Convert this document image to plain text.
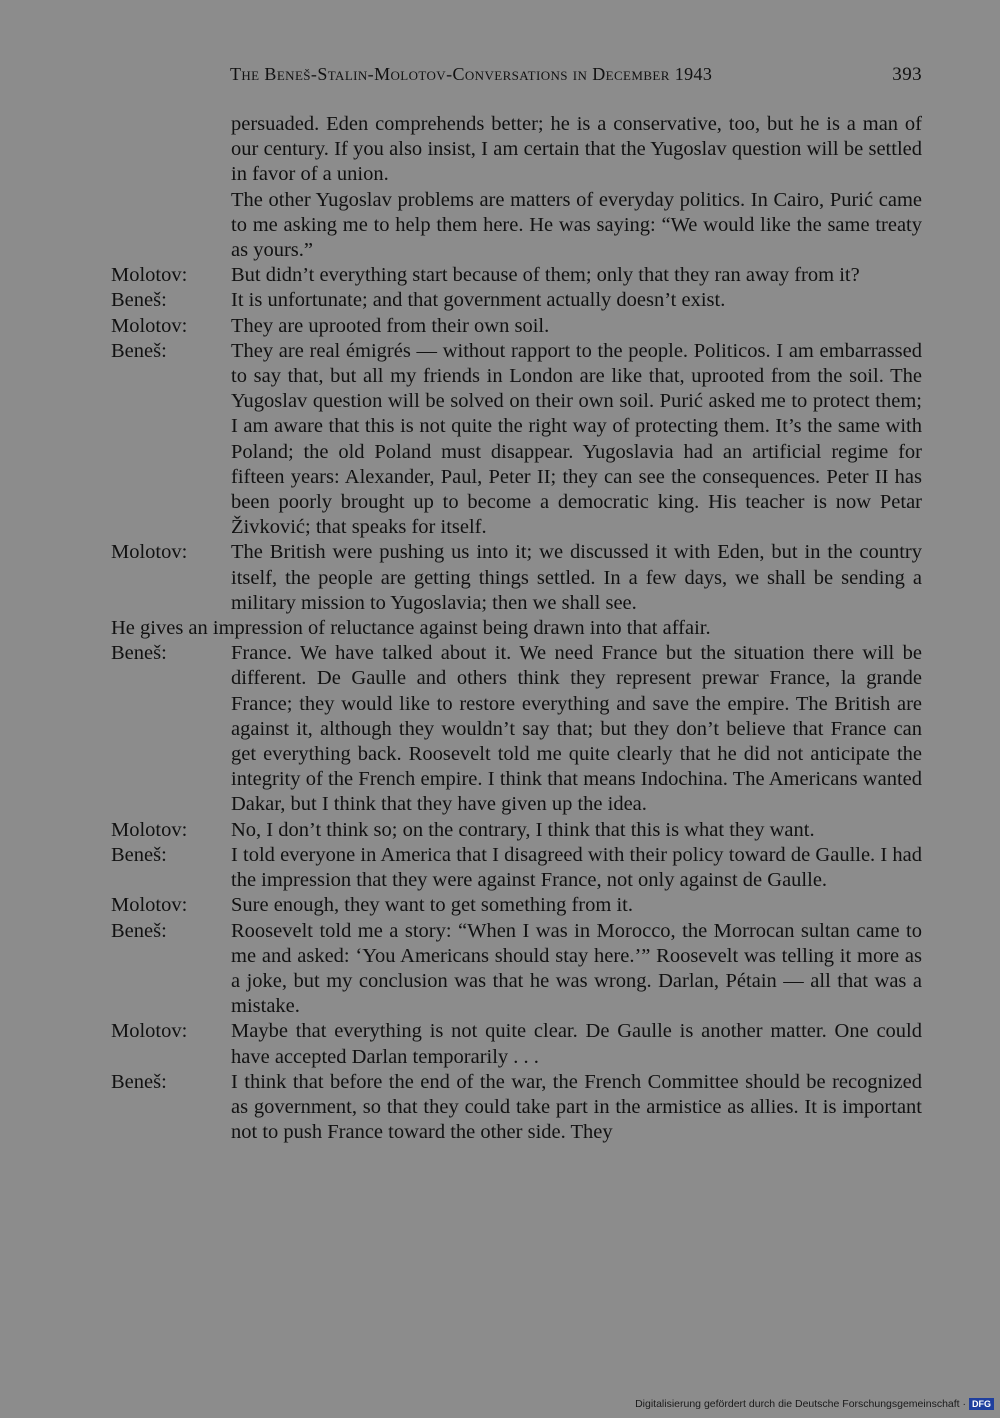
The Beneš-Stalin-Molotov-Conversations in December 1943	393

persuaded. Eden comprehends better; he is a conservative, too, but he is a man of our century. If you also insist, I am certain that the Yugoslav question will be settled in favor of a union.

The other Yugoslav problems are matters of everyday politics. In Cairo, Purić came to me asking me to help them here. He was saying: “We would like the same treaty as yours.”

Molotov: But didn’t everything start because of them; only that they ran away from it?

Beneš:	It is unfortunate; and that government actually doesn’t exist.

Molotov: They are uprooted from their own soil.

Beneš:	They are real émigrés — without rapport to the people. Politicos. I am embarrassed to say that, but all my friends in London are like that, uprooted from the soil. The Yugoslav question will be solved on their own soil. Purić asked me to protect them; I am aware that this is not quite the right way of protecting them. It’s the same with Poland; the old Poland must disappear. Yugoslavia had an artificial regime for fifteen years: Alexander, Paul, Peter II; they can see the consequences. Peter II has been poorly brought up to become a democratic king. His teacher is now Petar Živković; that speaks for itself.

Molotov: The British were pushing us into it; we discussed it with Eden, but in the country itself, the people are getting things settled. In a few days, we shall be sending a military mission to Yugoslavia; then we shall see.

He gives an impression of reluctance against being drawn into that affair.
Beneš:	France. We have talked about it. We need France but the situation there will be different. De Gaulle and others think they represent prewar France, la grande France; they would like to restore everything and save the empire. The British are against it, although they wouldn’t say that; but they don’t believe that France can get everything back. Roosevelt told me quite clearly that he did not anticipate the integrity of the French empire. I think that means Indochina. The Americans wanted Dakar, but I think that they have given up the idea.

Molotov: No, I don’t think so; on the contrary, I think that this is what they want.

Beneš:	I told everyone in America that I disagreed with their policy toward de Gaulle. I had the impression that they were against France, not only against de Gaulle.

Molotov: Sure enough, they want to get something from it.

Beneš:	Roosevelt told me a story: “When I was in Morocco, the Morrocan sultan came to me and asked: ‘You Americans should stay here.’” Roosevelt was telling it more as a joke, but my conclusion was that he was wrong. Darlan, Pétain — all that was a mistake.

Molotov: Maybe that everything is not quite clear. De Gaulle is another matter. One could have accepted Darlan temporarily . . .

Beneš:	I think that before the end of the war, the French Committee should be recognized as government, so that they could take part in the armistice as allies. It is important not to push France toward the other side. They

Digitalisierung gefördert durch die Deutsche Forschungsgemeinschaft · DFG
